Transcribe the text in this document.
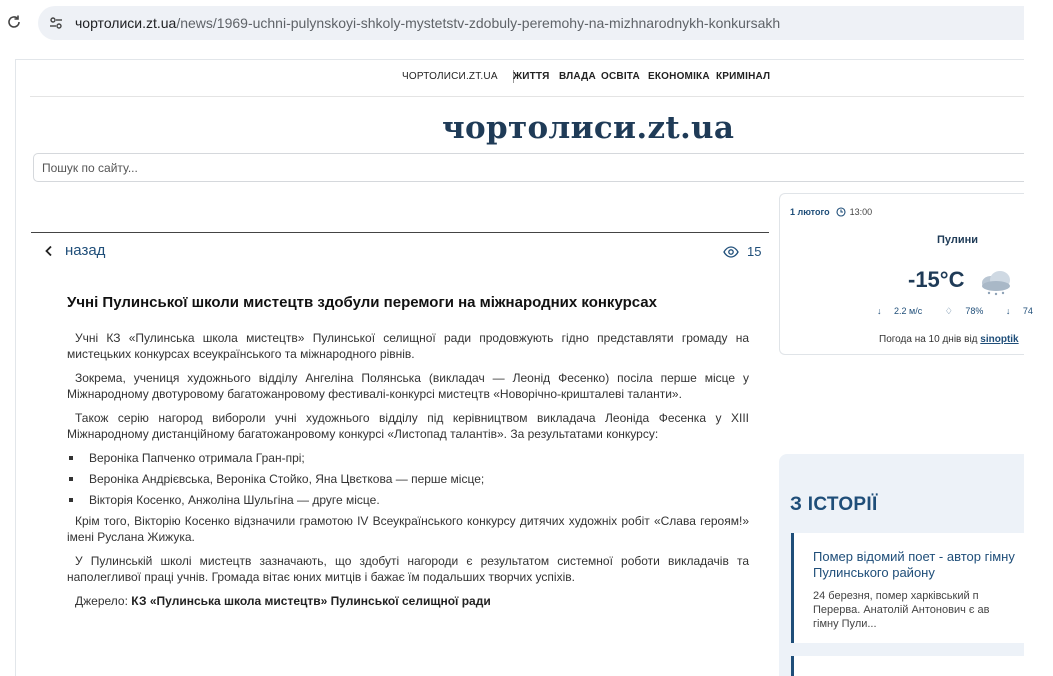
чортолиси.zt.ua/news/1969-uchni-pulynskoyi-shkoly-mystetstv-zdobuly-peremohy-na-mizhnarodnykh-konkursakh
ЧОРТОЛИСИ.ZT.UA ЖИТТЯ ВЛАДА ОСВІТА ЕКОНОМІКА КРИМІНАЛ
чортолиси.zt.ua
Пошук по сайту...
назад	15
Учні Пулинської школи мистецтв здобули перемоги на міжнародних конкурсах

Учні КЗ «Пулинська школа мистецтв» Пулинської селищної ради продовжують гідно представляти громаду на мистецьких конкурсах всеукраїнського та міжнародного рівнів.

Зокрема, учениця художнього відділу Ангеліна Полянська (викладач — Леонід Фесенко) посіла перше місце у Міжнародному двотуровому багатожанровому фестивалі-конкурсі мистецтв «Новорічно-кришталеві таланти».

Також серію нагород вибороли учні художнього відділу під керівництвом викладача Леоніда Фесенка у XIII Міжнародному дистанційному багатожанровому конкурсі «Листопад талантів». За результатами конкурсу:

Вероніка Папченко отримала Гран-прі;
Вероніка Андрієвська, Вероніка Стойко, Яна Цвєткова — перше місце;
Вікторія Косенко, Анжоліна Шульгіна — друге місце.

Крім того, Вікторію Косенко відзначили грамотою IV Всеукраїнського конкурсу дитячих художніх робіт «Слава героям!» імені Руслана Жижука.

У Пулинській школі мистецтв зазначають, що здобуті нагороди є результатом системної роботи викладачів та наполегливої праці учнів. Громада вітає юних митців і бажає їм подальших творчих успіхів.

Джерело: КЗ «Пулинська школа мистецтв» Пулинської селищної ради

1 лютого 13:00
Пулини
-15°C
↓ 2.2 м/с	♢ 78%	↓ 74
Погода на 10 днів від sinoptik
З ІСТОРІЇ
Помер відомий поет - автор гімну
Пулинського району
24 березня, помер харківський п
Перерва. Анатолій Антонович є ав
гімну Пули...
